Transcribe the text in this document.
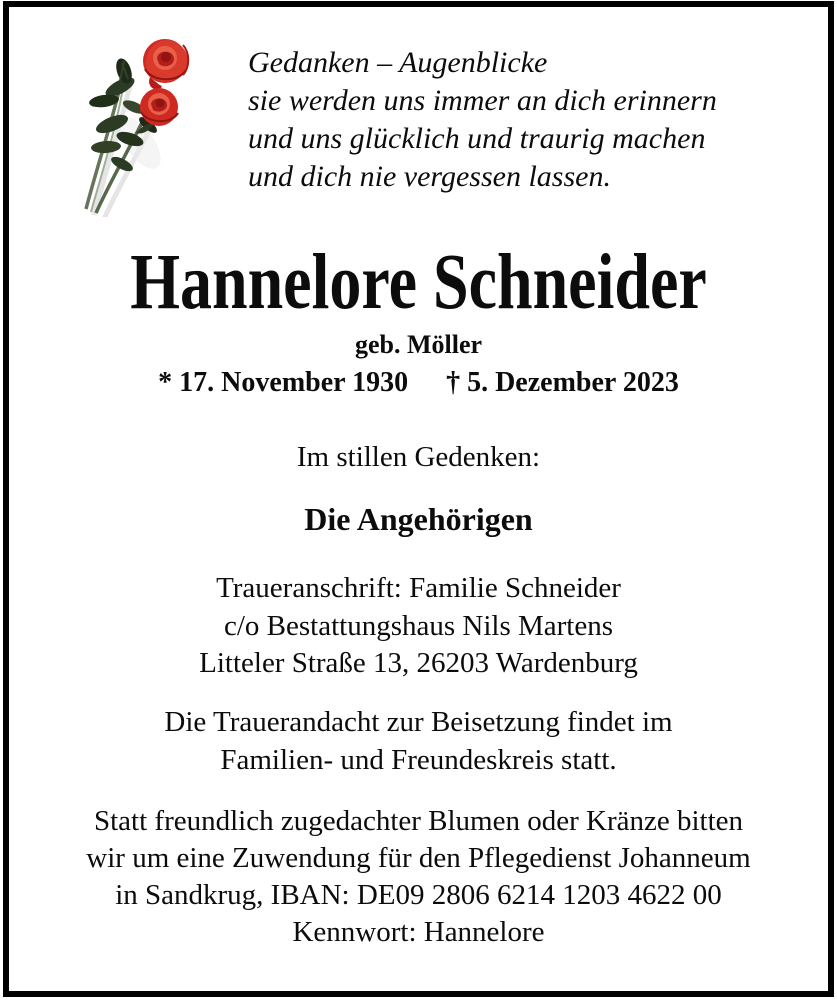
Gedanken – Augenblicke
sie werden uns immer an dich erinnern
und uns glücklich und traurig machen
und dich nie vergessen lassen.
Hannelore Schneider
geb. Möller
* 17. November 1930 † 5. Dezember 2023
Im stillen Gedenken:
Die Angehörigen
Traueranschrift: Familie Schneider
c/o Bestattungshaus Nils Martens
Litteler Straße 13, 26203 Wardenburg
Die Trauerandacht zur Beisetzung findet im
Familien- und Freundeskreis statt.
Statt freundlich zugedachter Blumen oder Kränze bitten
wir um eine Zuwendung für den Pflegedienst Johanneum
in Sandkrug, IBAN: DE09 2806 6214 1203 4622 00
Kennwort: Hannelore
